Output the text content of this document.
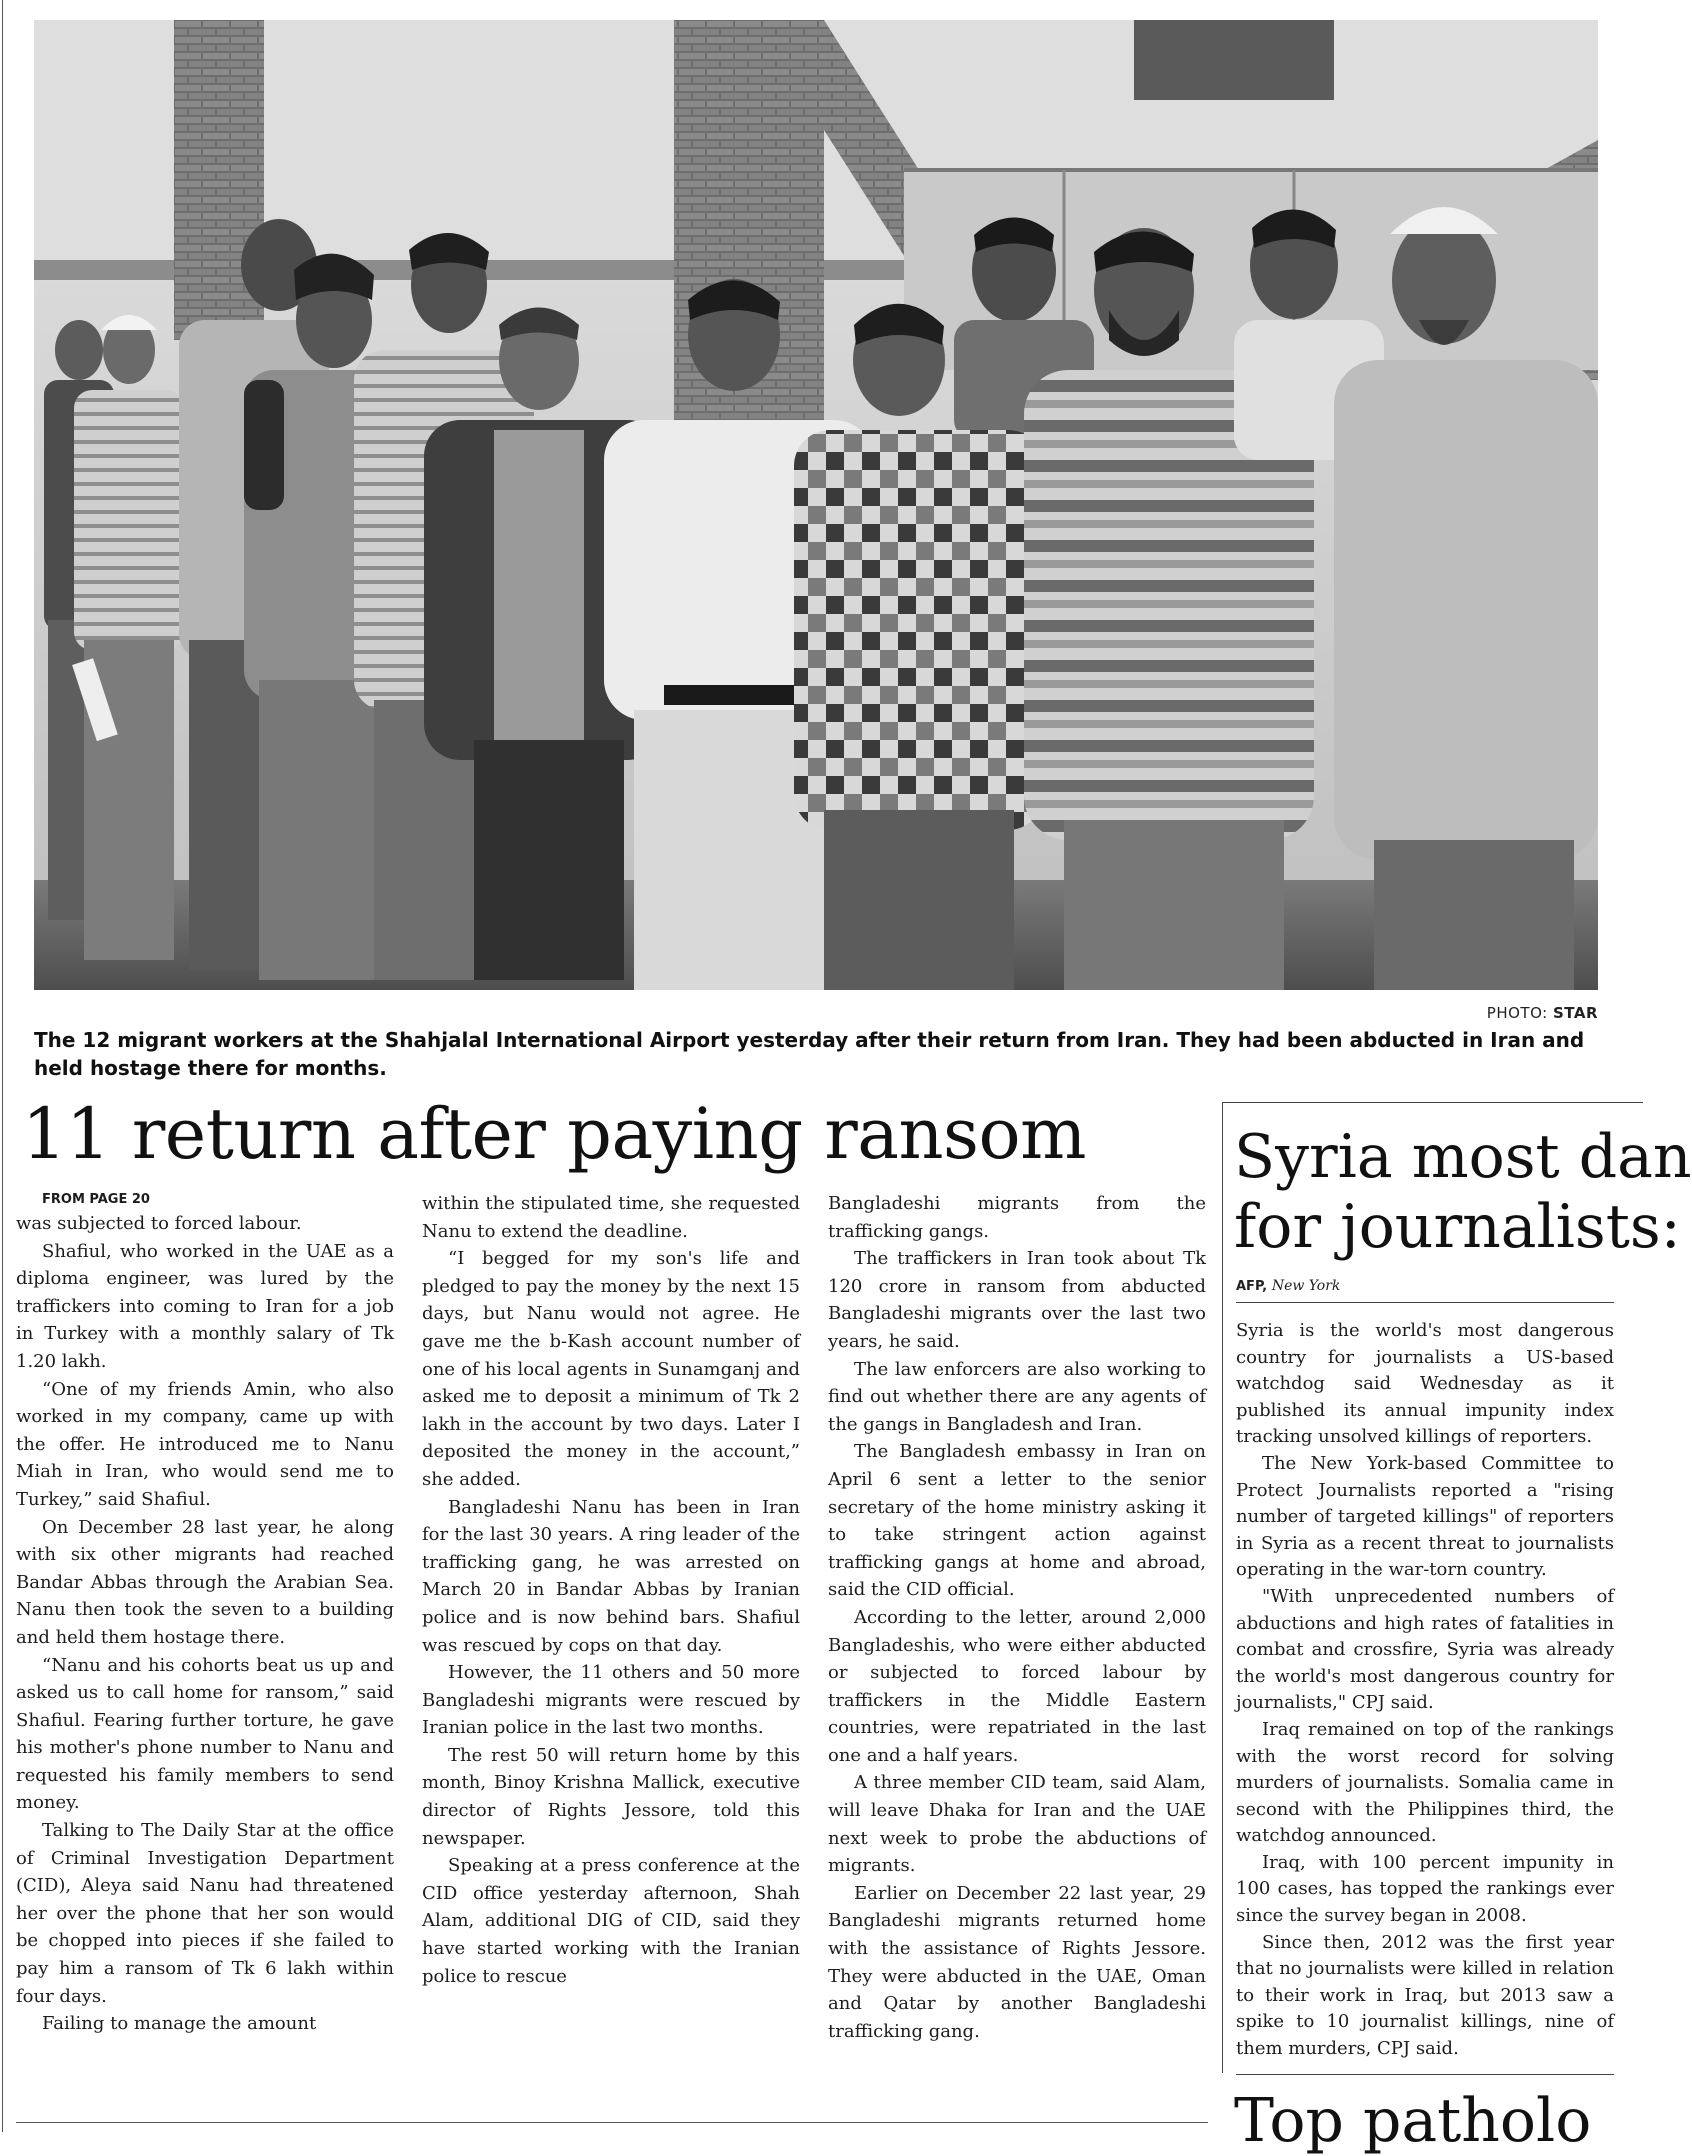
PHOTO: STAR
The 12 migrant workers at the Shahjalal International Airport yesterday after their return from Iran. They had been abducted in Iran and held hostage there for months.
11 return after paying ransom

FROM PAGE 20

was subjected to forced labour.

Shafiul, who worked in the UAE as a diploma engineer, was lured by the traffickers into coming to Iran for a job in Turkey with a monthly salary of Tk 1.20 lakh.

“One of my friends Amin, who also worked in my company, came up with the offer. He introduced me to Nanu Miah in Iran, who would send me to Turkey,” said Shafiul.

On December 28 last year, he along with six other migrants had reached Bandar Abbas through the Arabian Sea. Nanu then took the seven to a building and held them hostage there.

“Nanu and his cohorts beat us up and asked us to call home for ransom,” said Shafiul. Fearing further torture, he gave his mother's phone number to Nanu and requested his family members to send money.

Talking to The Daily Star at the office of Criminal Investigation Department (CID), Aleya said Nanu had threatened her over the phone that her son would be chopped into pieces if she failed to pay him a ransom of Tk 6 lakh within four days.

Failing to manage the amount

within the stipulated time, she requested Nanu to extend the deadline.

“I begged for my son's life and pledged to pay the money by the next 15 days, but Nanu would not agree. He gave me the b-Kash account number of one of his local agents in Sunamganj and asked me to deposit a minimum of Tk 2 lakh in the account by two days. Later I deposited the money in the account,” she added.

Bangladeshi Nanu has been in Iran for the last 30 years. A ring leader of the trafficking gang, he was arrested on March 20 in Bandar Abbas by Iranian police and is now behind bars. Shafiul was rescued by cops on that day.

However, the 11 others and 50 more Bangladeshi migrants were rescued by Iranian police in the last two months.

The rest 50 will return home by this month, Binoy Krishna Mallick, executive director of Rights Jessore, told this newspaper.

Speaking at a press conference at the CID office yesterday afternoon, Shah Alam, additional DIG of CID, said they have started working with the Iranian police to rescue

Bangladeshi migrants from the trafficking gangs.

The traffickers in Iran took about Tk 120 crore in ransom from abducted Bangladeshi migrants over the last two years, he said.

The law enforcers are also working to find out whether there are any agents of the gangs in Bangladesh and Iran.

The Bangladesh embassy in Iran on April 6 sent a letter to the senior secretary of the home ministry asking it to take stringent action against trafficking gangs at home and abroad, said the CID official.

According to the letter, around 2,000 Bangladeshis, who were either abducted or subjected to forced labour by traffickers in the Middle Eastern countries, were repatriated in the last one and a half years.

A three member CID team, said Alam, will leave Dhaka for Iran and the UAE next week to probe the abductions of migrants.

Earlier on December 22 last year, 29 Bangladeshi migrants returned home with the assistance of Rights Jessore. They were abducted in the UAE, Oman and Qatar by another Bangladeshi trafficking gang.

Syria most dan
for journalists:
AFP, New York

Syria is the world's most dangerous country for journalists a US-based watchdog said Wednesday as it published its annual impunity index tracking unsolved killings of reporters.

The New York-based Committee to Protect Journalists reported a "rising number of targeted killings" of reporters in Syria as a recent threat to journalists operating in the war-torn country.

"With unprecedented numbers of abductions and high rates of fatalities in combat and crossfire, Syria was already the world's most dangerous country for journalists," CPJ said.

Iraq remained on top of the rankings with the worst record for solving murders of journalists. Somalia came in second with the Philippines third, the watchdog announced.

Iraq, with 100 percent impunity in 100 cases, has topped the rankings ever since the survey began in 2008.

Since then, 2012 was the first year that no journalists were killed in relation to their work in Iraq, but 2013 saw a spike to 10 journalist killings, nine of them murders, CPJ said.

Top patholo
